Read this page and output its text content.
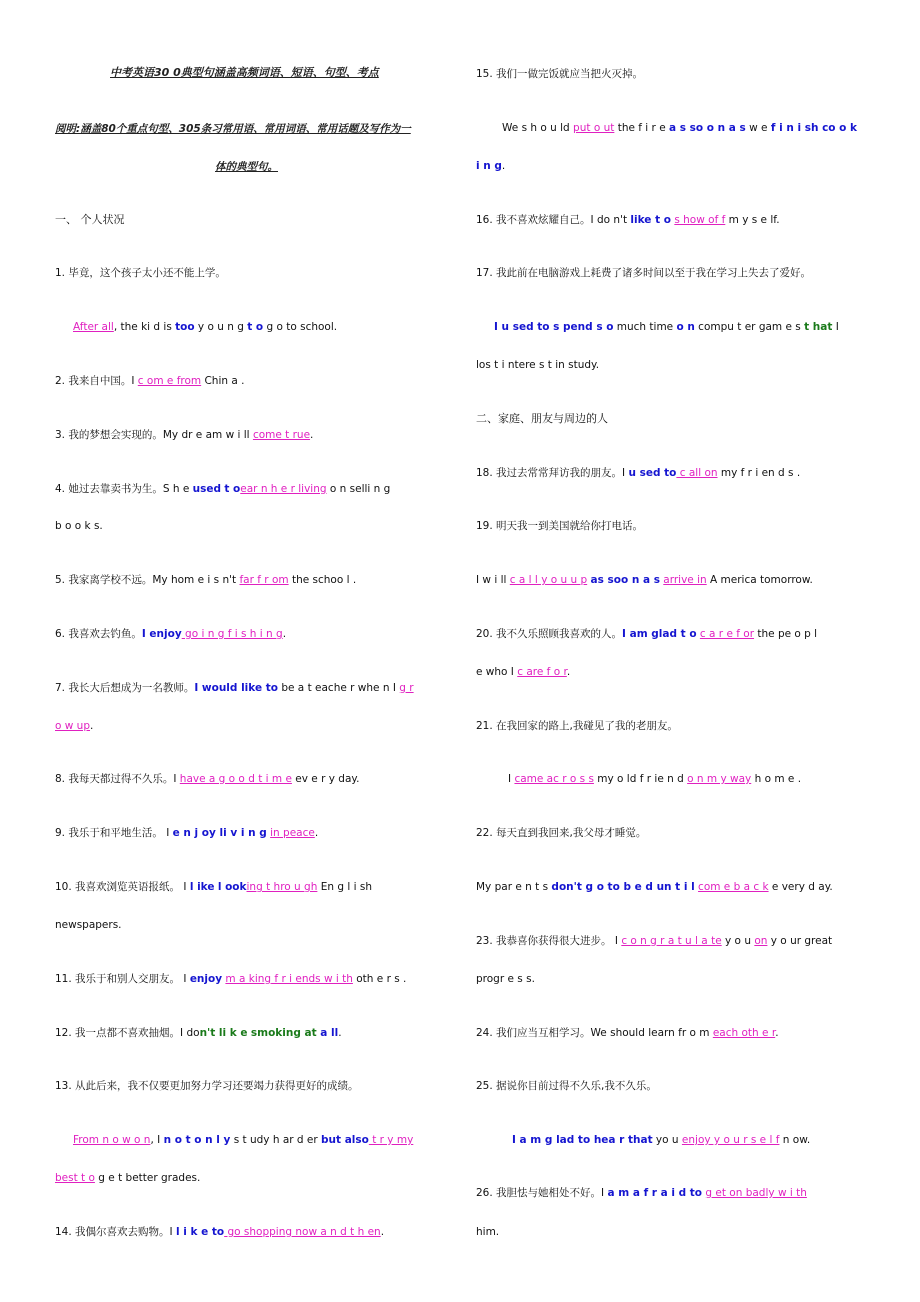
中考英语30 0典型句涵盖高频词语、短语、句型、考点
阅明:涵盖80个重点句型、305条习常用语、常用词语、常用话题及写作为一
体的典型句。
一、 个人状况
1. 毕竟，这个孩子太小还不能上学。
After all, the ki d is too y o u n g t o g o to school.
2. 我来自中国。I c om e from Chin a .
3. 我的梦想会实现的。My dr e am w i ll come t rue.
4. 她过去靠卖书为生。S h e used t oear n h e r living o n selli n g
b o o k s.
5. 我家离学校不远。My hom e i s n't far f r om the schoo l .
6. 我喜欢去钓鱼。I enjoy go i n g f i s h i n g.
7. 我长大后想成为一名教师。I would like to be a t eache r whe n I g r
o w up.
8. 我每天都过得不久乐。I have a g o o d t i m e ev e r y day.
9. 我乐于和平地生活。 I e n j oy li v i n g in peace.
10. 我喜欢浏览英语报纸。 I l ike l ooking t hro u gh En g l i sh
newspapers.
11. 我乐于和别人交朋友。 I enjoy m a king f r i ends w i th oth e r s .
12. 我一点都不喜欢抽烟。I don't li k e smoking at a ll.
13. 从此后来，我不仅要更加努力学习还要竭力获得更好的成绩。
From n o w o n, I n o t o n l y s t udy h ar d er but also t r y my
best t o g e t better grades.
14. 我偶尔喜欢去购物。I l i k e to go shopping now a n d t h en.
15. 我们一做完饭就应当把火灭掉。
We s h o u ld put o ut the f i r e a s so o n a s w e f i n i sh co o k
i n g.
16. 我不喜欢炫耀自己。I do n't like t o s how of f m y s e lf.
17. 我此前在电脑游戏上耗费了诸多时间以至于我在学习上失去了爱好。
I u sed to s pend s o much time o n compu t er gam e s t hat I
los t i ntere s t in study.
二、家庭、朋友与周边的人
18. 我过去常常拜访我的朋友。I u sed to c all on my f r i en d s .
19. 明天我一到美国就给你打电话。
I w i ll c a l l y o u u p as soo n a s arrive in A merica tomorrow.
20. 我不久乐照顾我喜欢的人。I am glad t o c a r e f or the pe o p l
e who I c are f o r.
21. 在我回家的路上,我碰见了我的老朋友。
I came ac r o s s my o ld f r ie n d o n m y way h o m e .
22. 每天直到我回来,我父母才睡觉。
My par e n t s don't g o to b e d un t i l com e b a c k e very d ay.
23. 我恭喜你获得很大进步。 I c o n g r a t u l a te y o u on y o ur great
progr e s s.
24. 我们应当互相学习。We should learn fr o m each oth e r.
25. 据说你目前过得不久乐,我不久乐。
I a m g lad to hea r that yo u enjoy y o u r s e l f n ow.
26. 我胆怯与她相处不好。I a m a f r a i d to g et on badly w i th
him.
